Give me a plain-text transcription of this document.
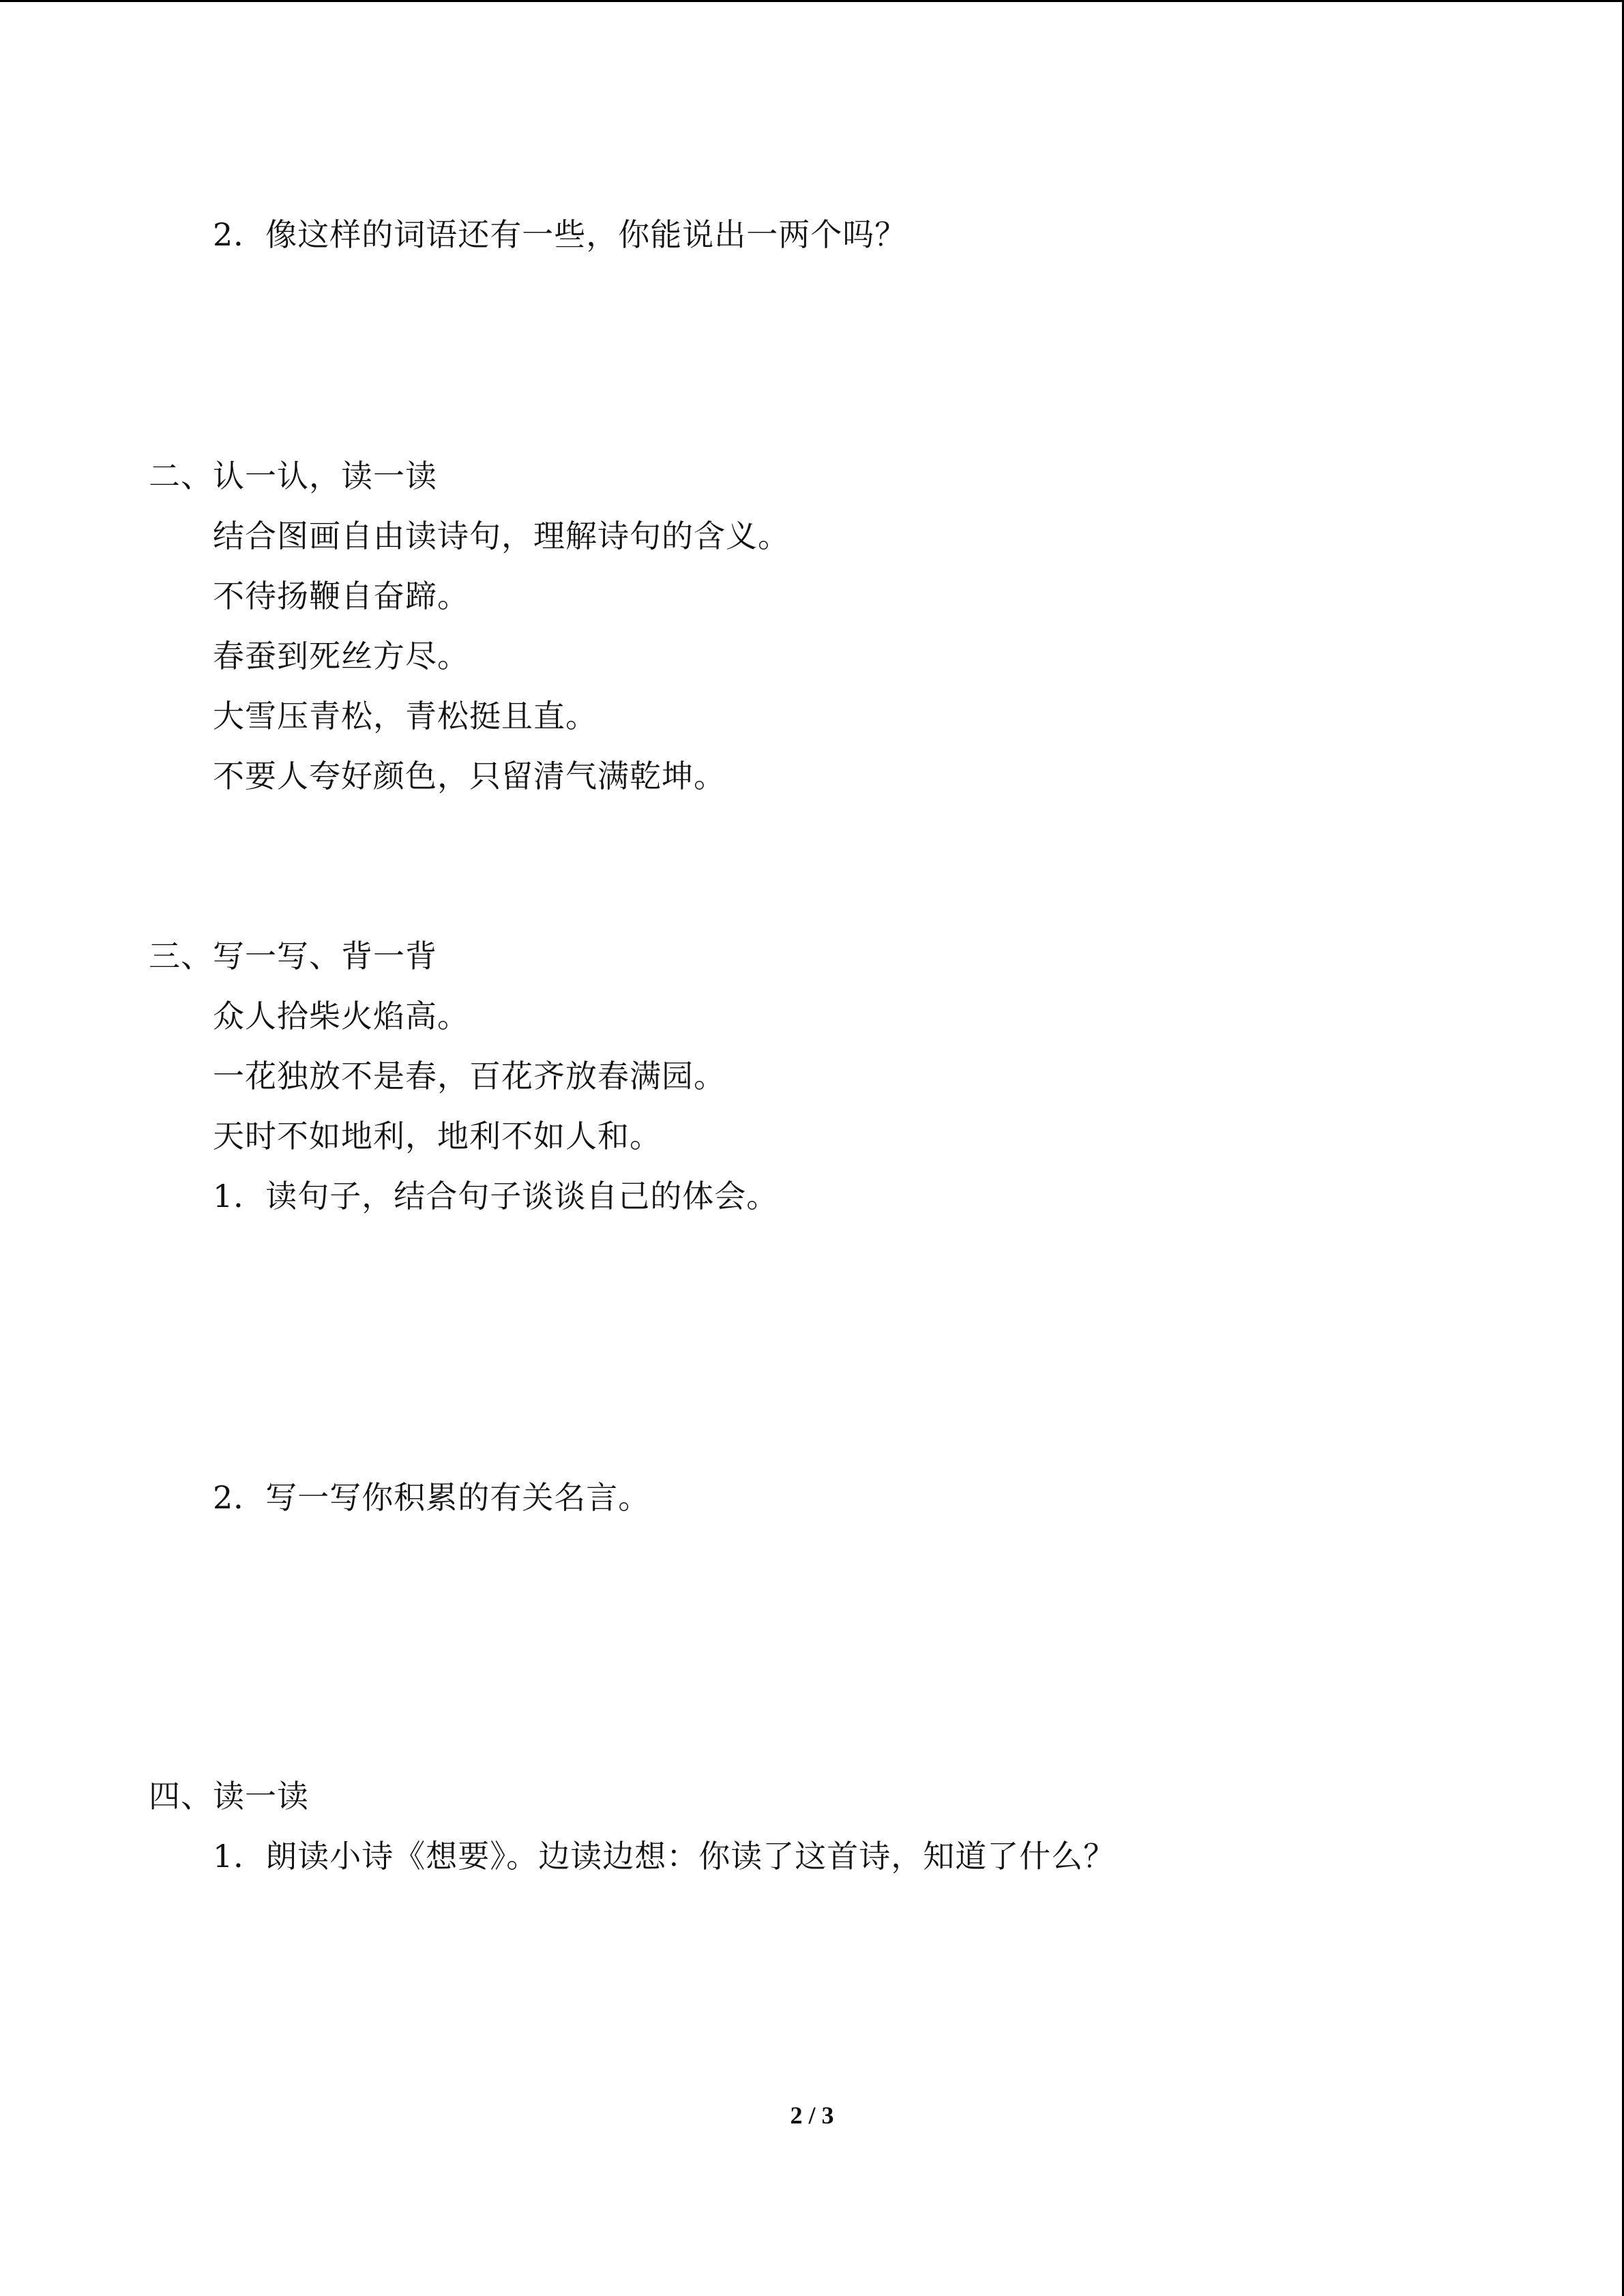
2．像这样的词语还有一些，你能说出一两个吗？
二、认一认，读一读
结合图画自由读诗句，理解诗句的含义。
不待扬鞭自奋蹄。
春蚕到死丝方尽。
大雪压青松，青松挺且直。
不要人夸好颜色，只留清气满乾坤。
三、写一写、背一背
众人拾柴火焰高。
一花独放不是春，百花齐放春满园。
天时不如地利，地利不如人和。
1．读句子，结合句子谈谈自己的体会。
2．写一写你积累的有关名言。
四、读一读
1．朗读小诗《想要》。边读边想：你读了这首诗，知道了什么？
2 / 3
